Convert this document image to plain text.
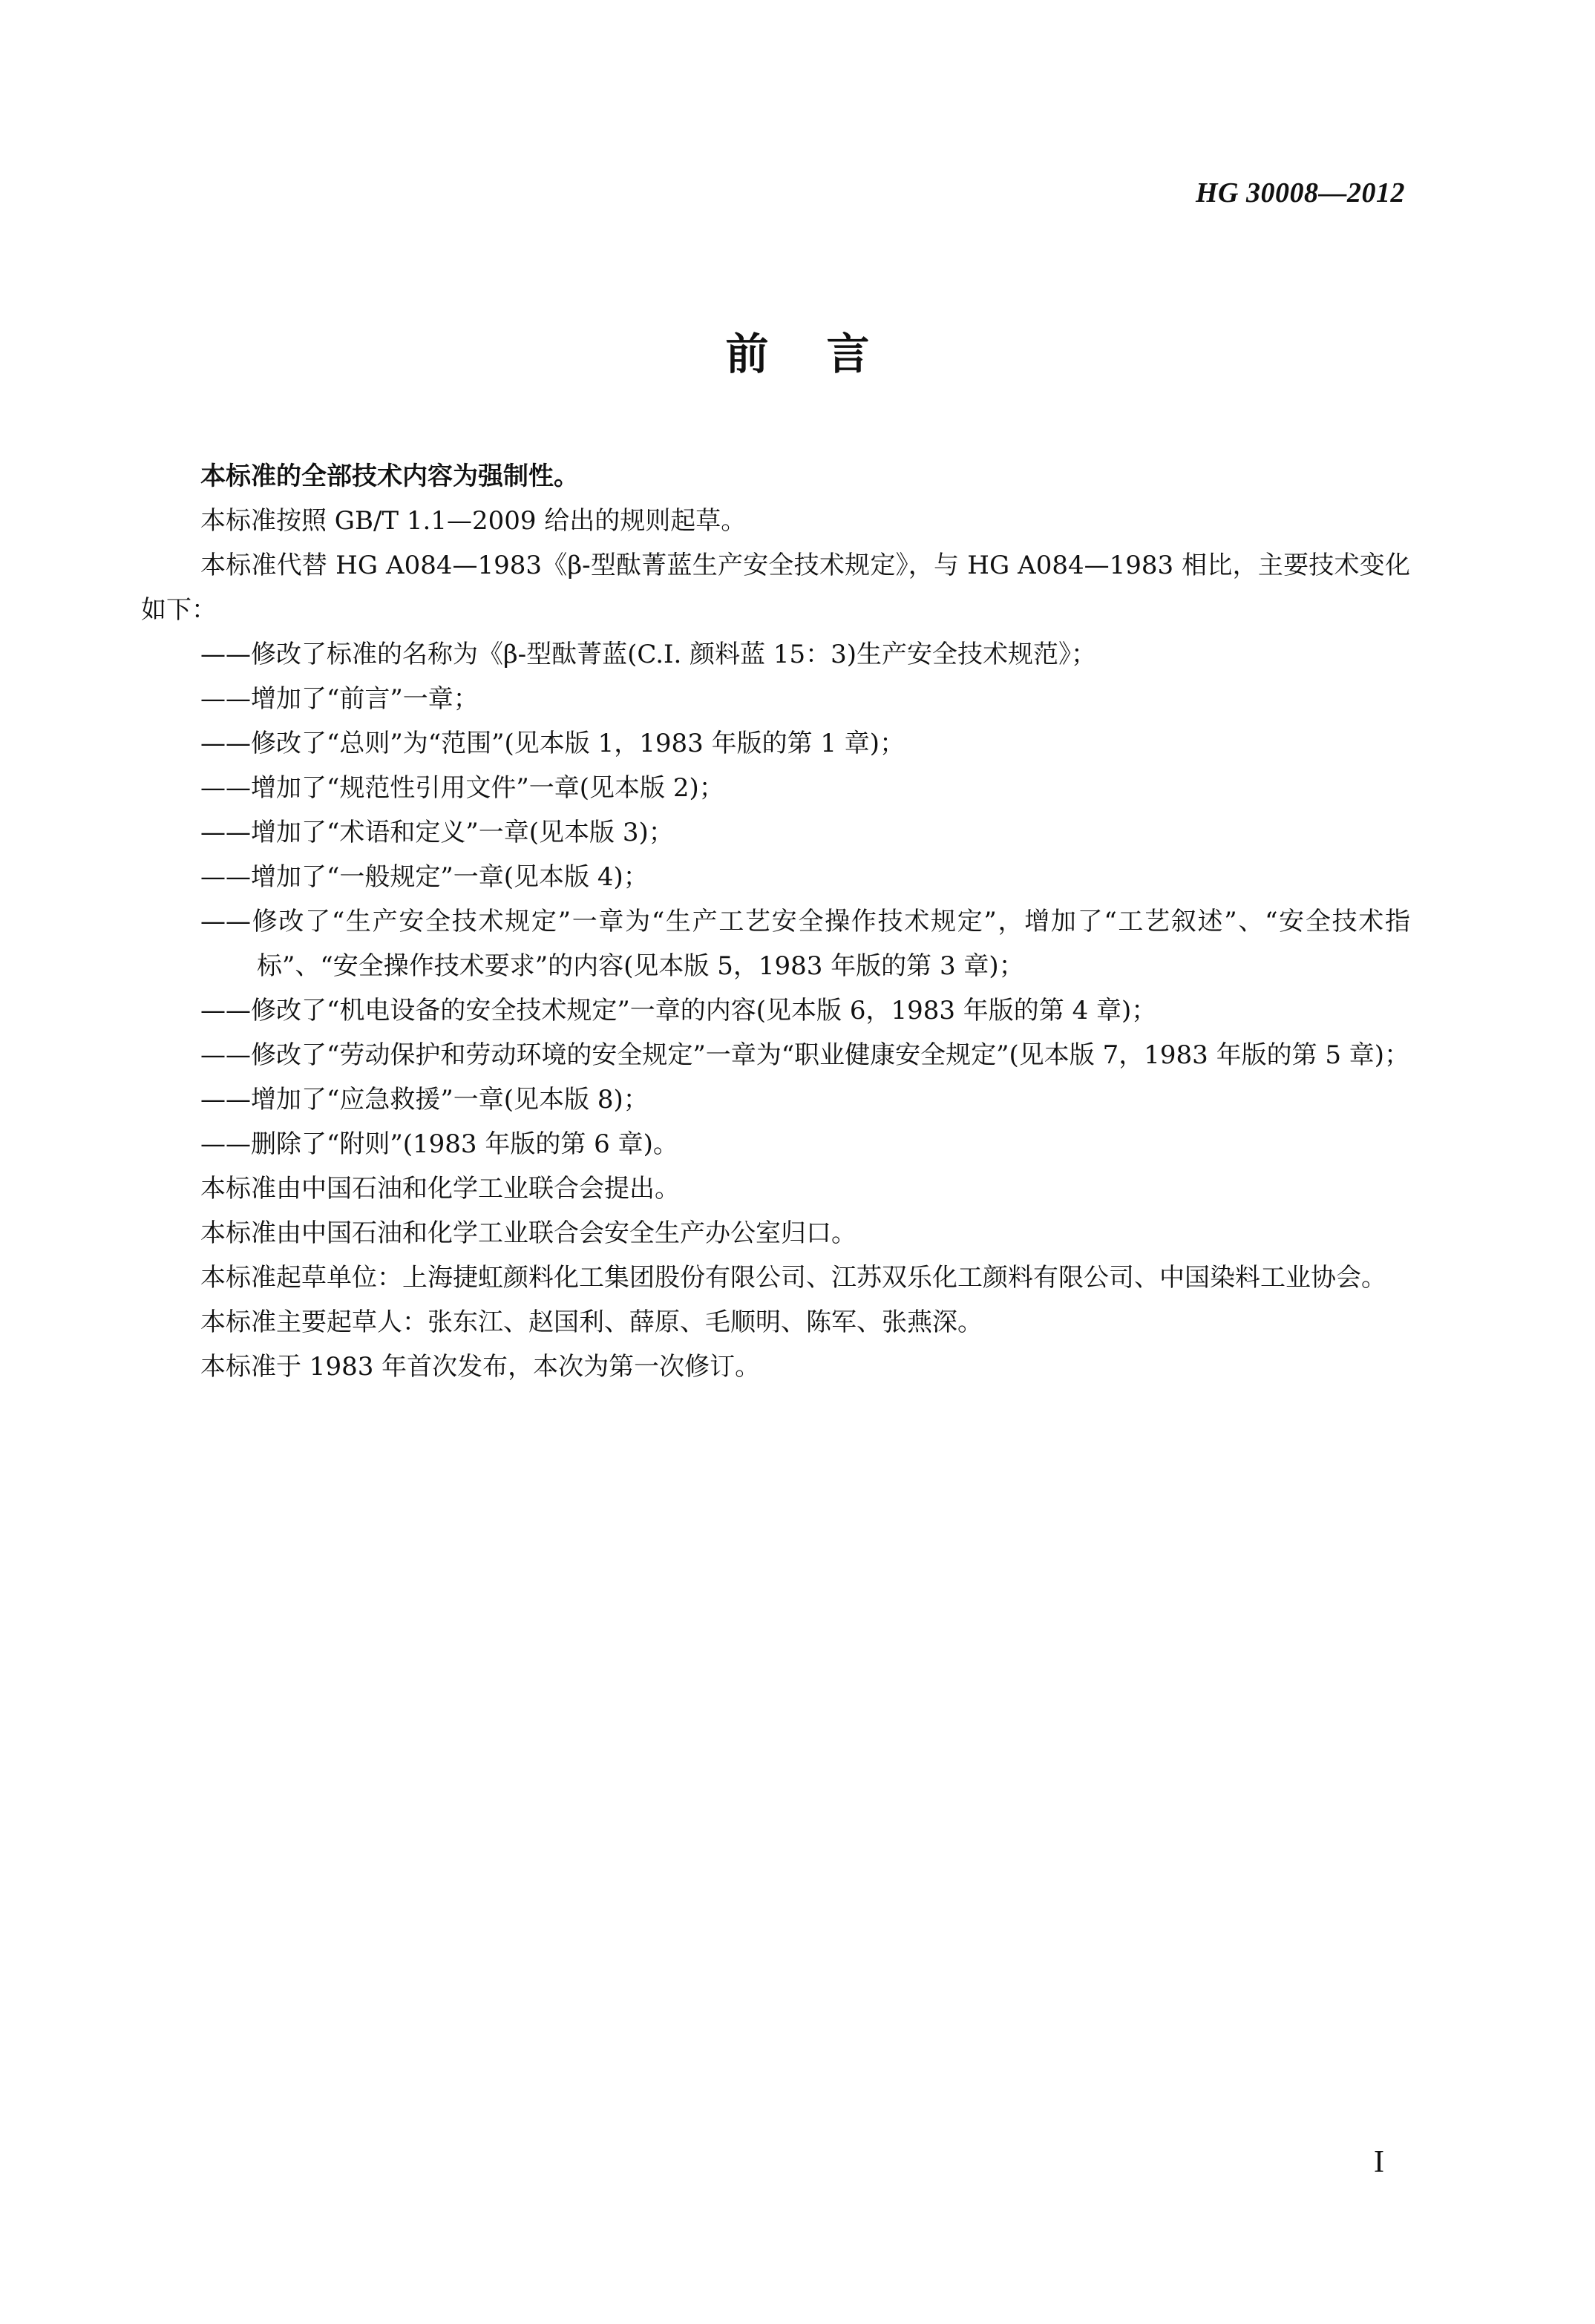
HG 30008—2012
前言

本标准的全部技术内容为强制性。

本标准按照 GB/T 1.1—2009 给出的规则起草。

本标准代替 HG A084—1983《β-型酞菁蓝生产安全技术规定》，与 HG A084—1983 相比，主要技术变化如下：

——修改了标准的名称为《β-型酞菁蓝(C.I. 颜料蓝 15：3)生产安全技术规范》；

——增加了“前言”一章；

——修改了“总则”为“范围”(见本版 1，1983 年版的第 1 章)；

——增加了“规范性引用文件”一章(见本版 2)；

——增加了“术语和定义”一章(见本版 3)；

——增加了“一般规定”一章(见本版 4)；

——修改了“生产安全技术规定”一章为“生产工艺安全操作技术规定”，增加了“工艺叙述”、“安全技术指标”、“安全操作技术要求”的内容(见本版 5，1983 年版的第 3 章)；

——修改了“机电设备的安全技术规定”一章的内容(见本版 6，1983 年版的第 4 章)；

——修改了“劳动保护和劳动环境的安全规定”一章为“职业健康安全规定”(见本版 7，1983 年版的第 5 章)；

——增加了“应急救援”一章(见本版 8)；

——删除了“附则”(1983 年版的第 6 章)。

本标准由中国石油和化学工业联合会提出。

本标准由中国石油和化学工业联合会安全生产办公室归口。

本标准起草单位：上海捷虹颜料化工集团股份有限公司、江苏双乐化工颜料有限公司、中国染料工业协会。

本标准主要起草人：张东江、赵国利、薛原、毛顺明、陈军、张燕深。

本标准于 1983 年首次发布，本次为第一次修订。

I
